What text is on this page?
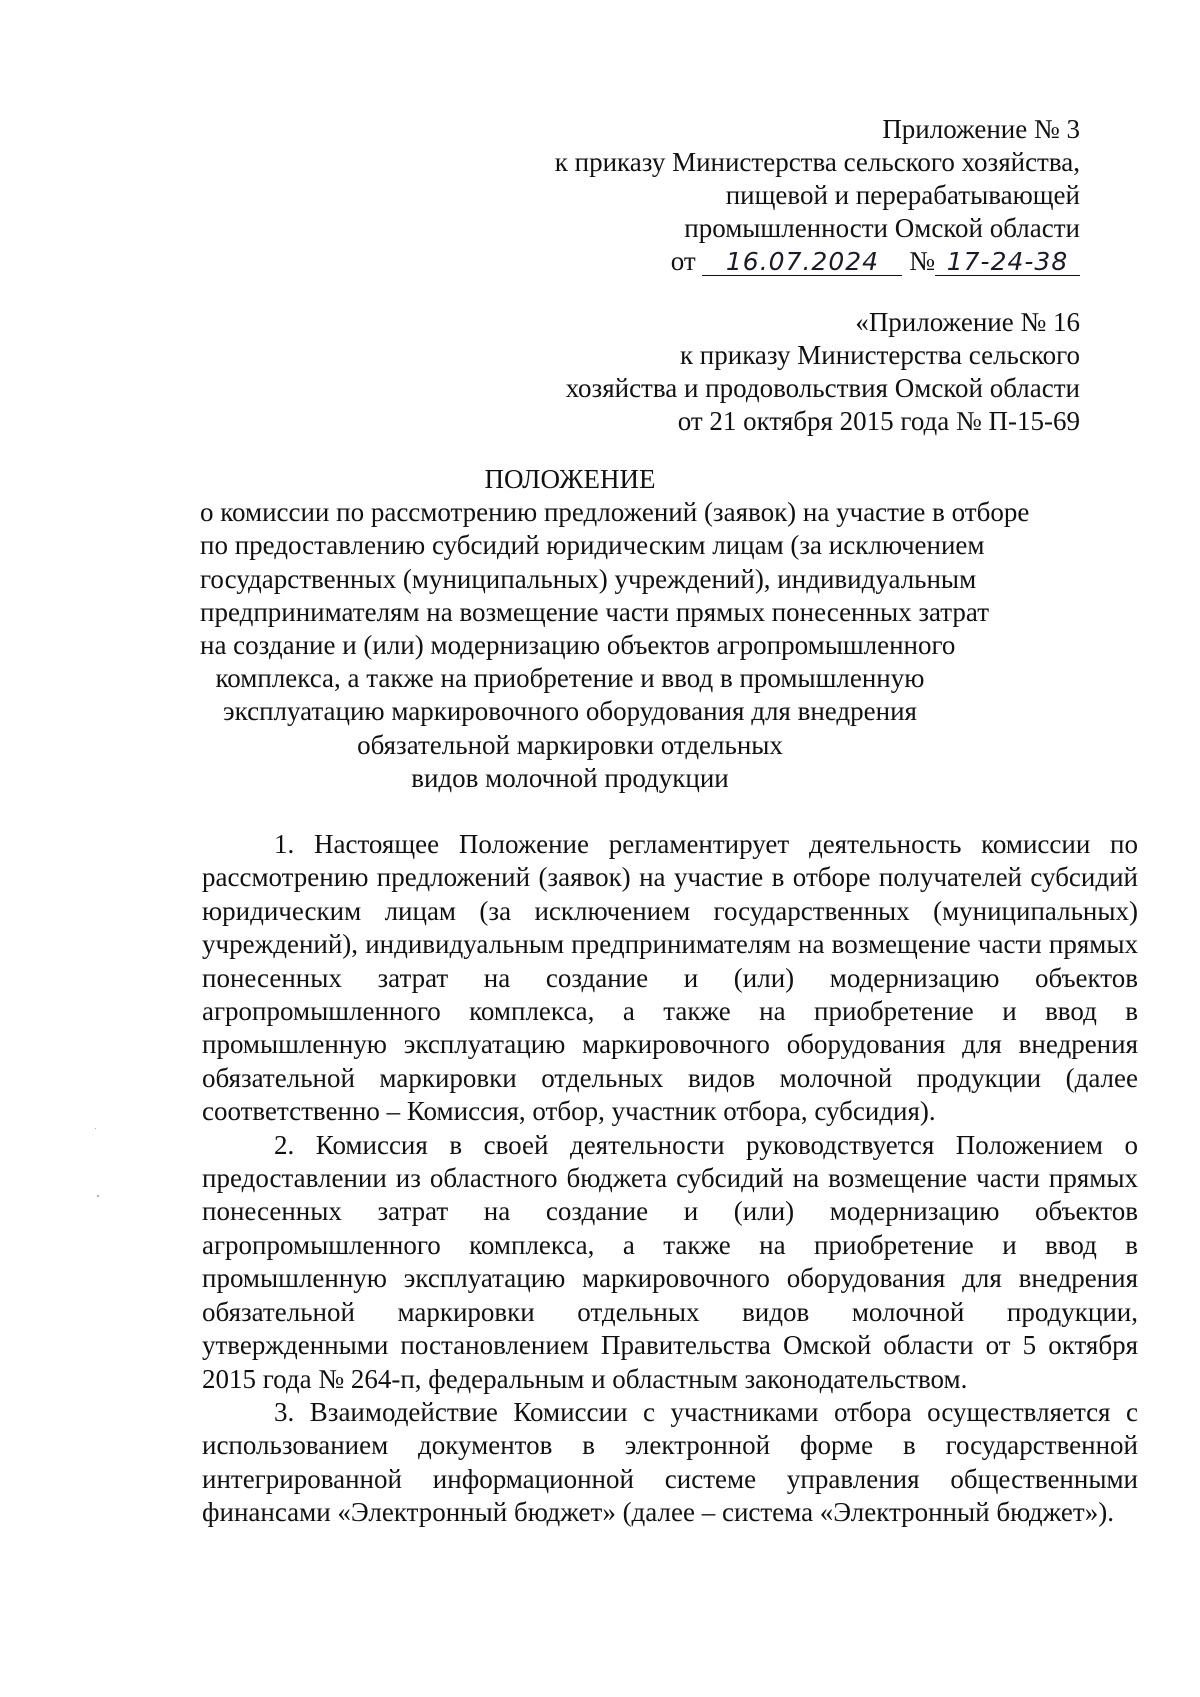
Приложение № 3
к приказу Министерства сельского хозяйства,
пищевой и перерабатывающей
промышленности Омской области
от 16.07.2024 № 17-24-38
«Приложение № 16
к приказу Министерства сельского
хозяйства и продовольствия Омской области
от 21 октября 2015 года № П-15-69
ПОЛОЖЕНИЕ
о комиссии по рассмотрению предложений (заявок) на участие в отборе
по предоставлению субсидий юридическим лицам (за исключением
государственных (муниципальных) учреждений), индивидуальным
предпринимателям на возмещение части прямых понесенных затрат
на создание и (или) модернизацию объектов агропромышленного
комплекса, а также на приобретение и ввод в промышленную
эксплуатацию маркировочного оборудования для внедрения
обязательной маркировки отдельных
видов молочной продукции

1. Настоящее Положение регламентирует деятельность комиссии по рассмотрению предложений (заявок) на участие в отборе получателей субсидий юридическим лицам (за исключением государственных (муниципальных) учреждений), индивидуальным предпринимателям на возмещение части прямых понесенных затрат на создание и (или) модернизацию объектов агропромышленного комплекса, а также на приобретение и ввод в промышленную эксплуатацию маркировочного оборудования для внедрения обязательной маркировки отдельных видов молочной продукции (далее соответственно – Комиссия, отбор, участник отбора, субсидия).

2. Комиссия в своей деятельности руководствуется Положением о предоставлении из областного бюджета субсидий на возмещение части прямых понесенных затрат на создание и (или) модернизацию объектов агропромышленного комплекса, а также на приобретение и ввод в промышленную эксплуатацию маркировочного оборудования для внедрения обязательной маркировки отдельных видов молочной продукции, утвержденными постановлением Правительства Омской области от 5 октября 2015 года № 264-п, федеральным и областным законодательством.

3. Взаимодействие Комиссии с участниками отбора осуществляется с использованием документов в электронной форме в государственной интегрированной информационной системе управления общественными финансами «Электронный бюджет» (далее – система «Электронный бюджет»).
